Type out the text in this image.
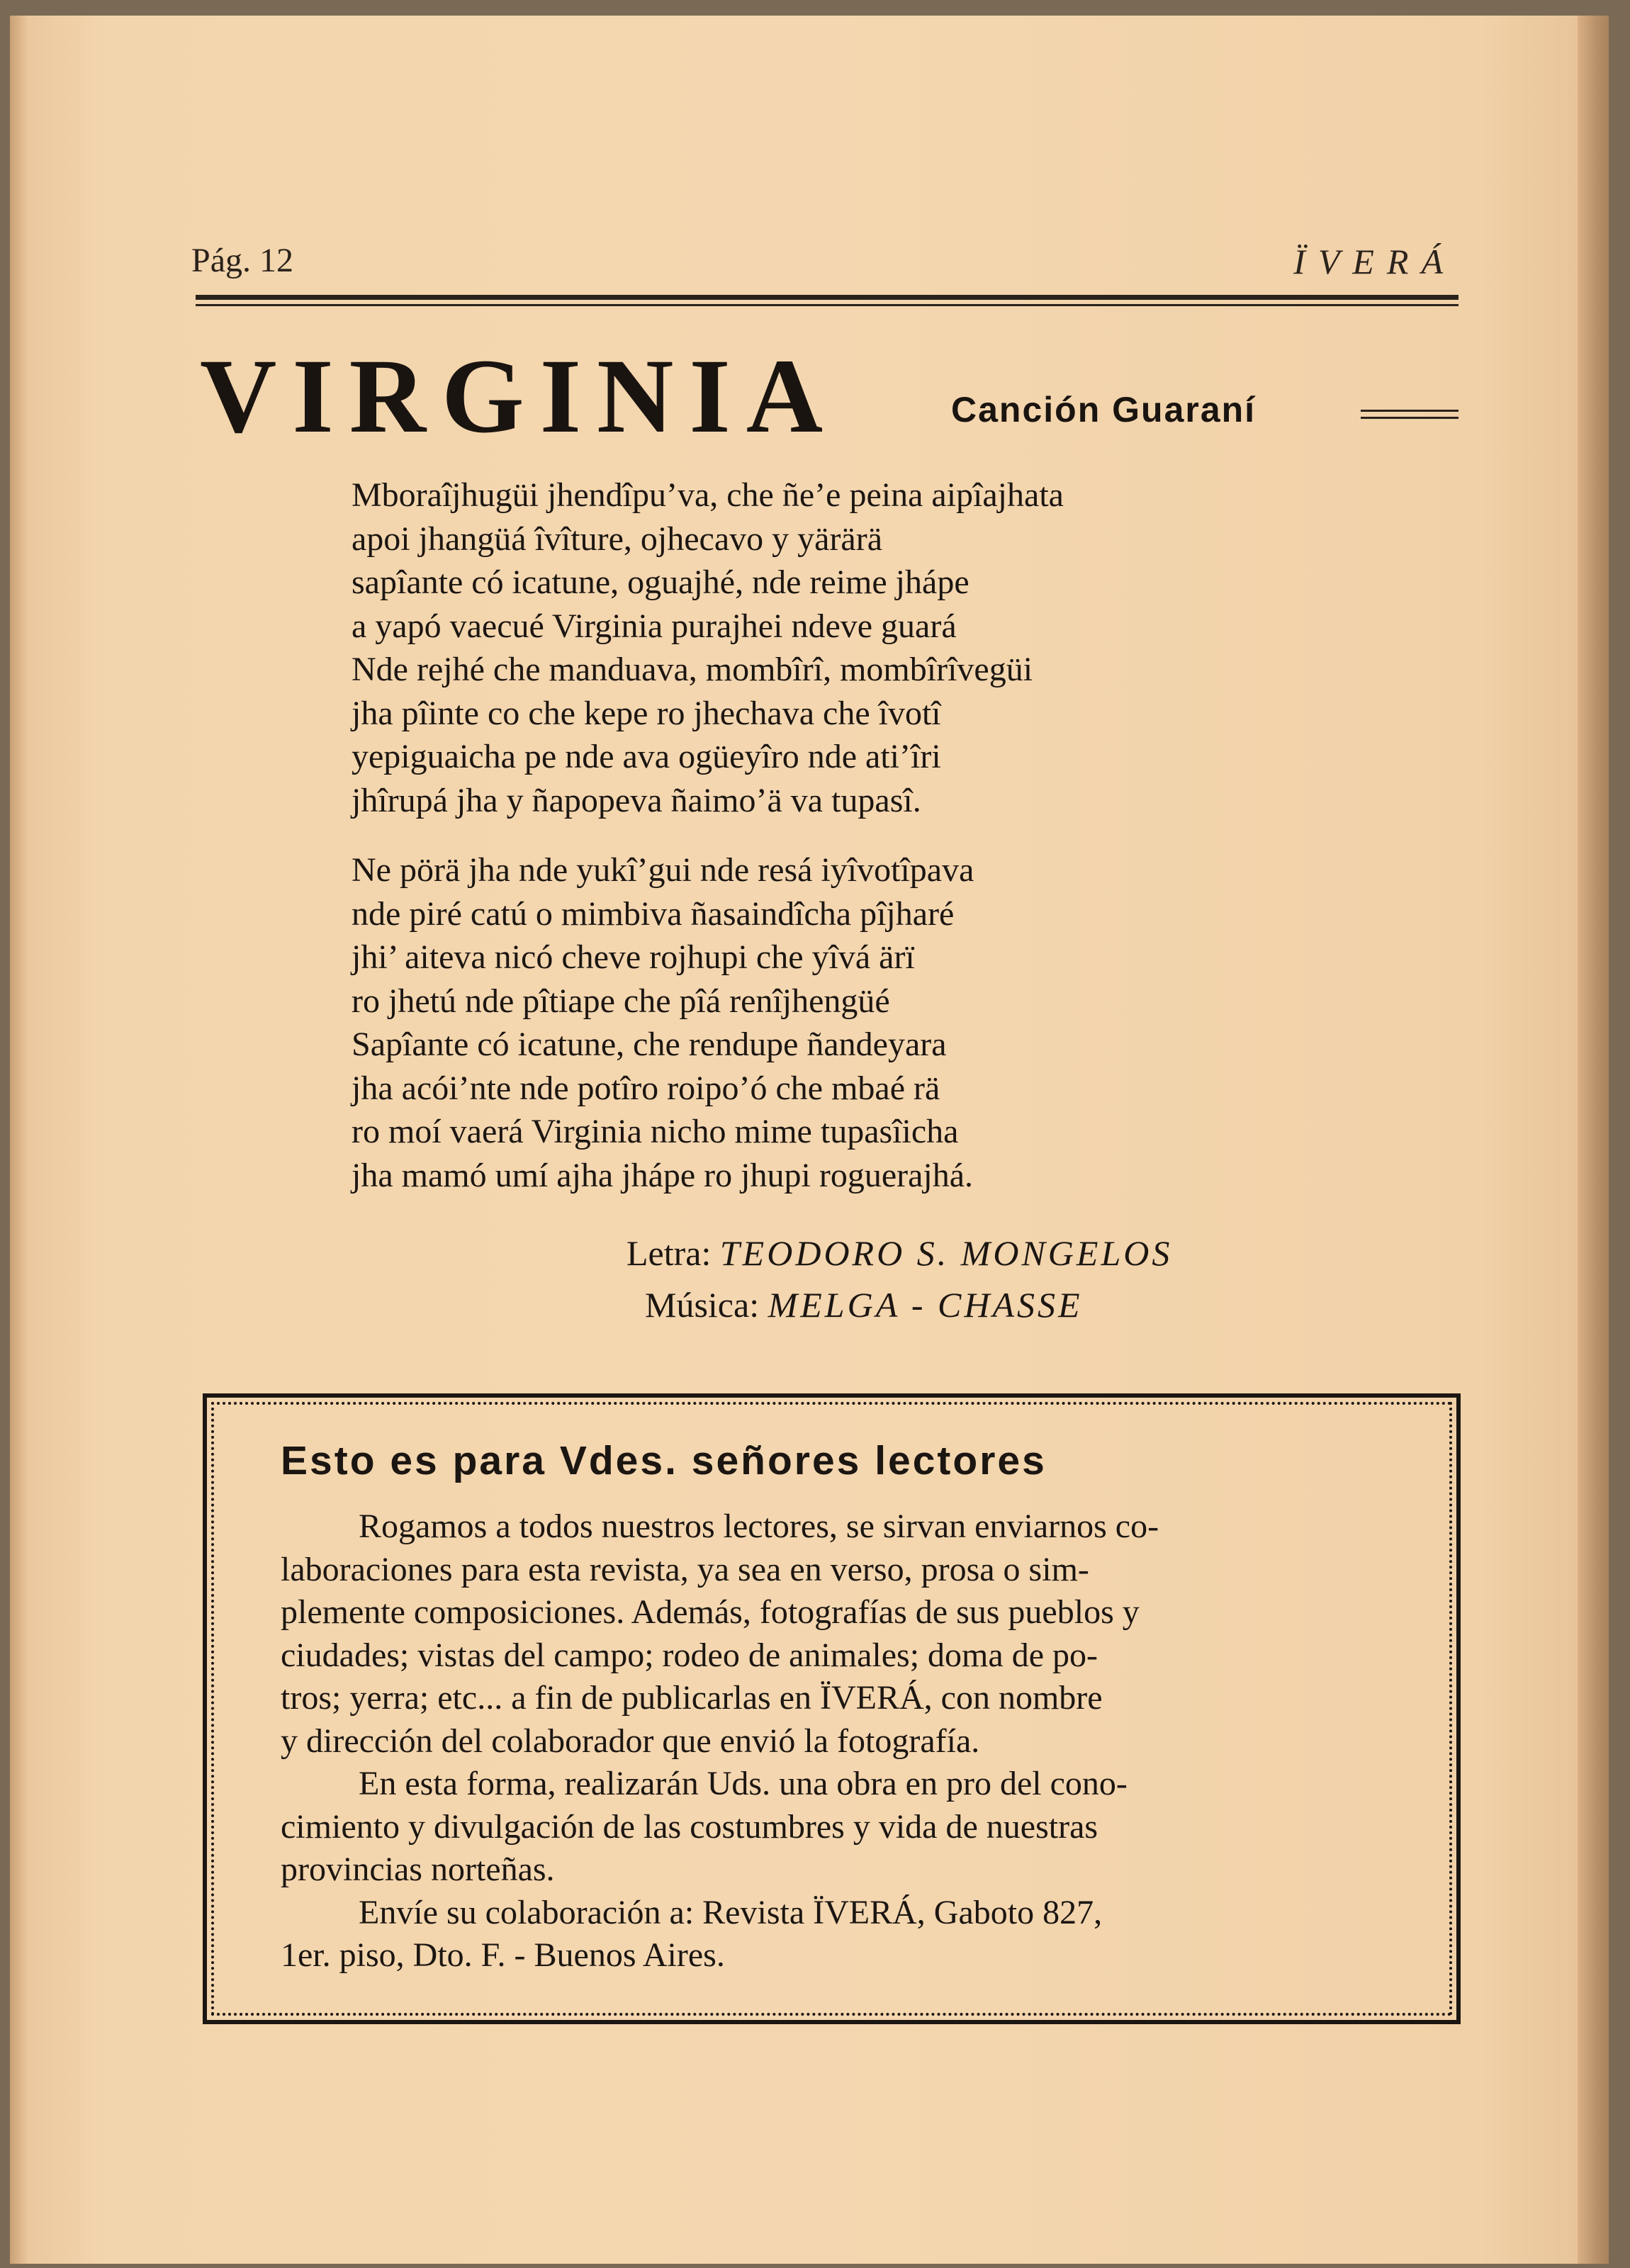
Pág. 12	ÏVERÁ
VIRGINIA	Canción Guaraní
Mboraîjhugüi jhendîpu’va, che ñe’e peina aipîajhata
apoi jhangüá îvîture, ojhecavo y yärärä
sapîante có icatune, oguajhé, nde reime jhápe
a yapó vaecué Virginia purajhei ndeve guará
Nde rejhé che manduava, mombîrî, mombîrîvegüi
jha pîinte co che kepe ro jhechava che îvotî
yepiguaicha pe nde ava ogüeyîro nde ati’îri
jhîrupá jha y ñapopeva ñaimo’ä va tupasî.
Ne pörä jha nde yukî’gui nde resá iyîvotîpava
nde piré catú o mimbiva ñasaindîcha pîjharé
jhi’ aiteva nicó cheve rojhupi che yîvá ärï
ro jhetú nde pîtiape che pîá renîjhengüé
Sapîante có icatune, che rendupe ñandeyara
jha acói’nte nde potîro roipo’ó che mbaé rä
ro moí vaerá Virginia nicho mime tupasîicha
jha mamó umí ajha jhápe ro jhupi roguerajhá.
Letra: TEODORO S. MONGELOS
Música: MELGA - CHASSE
Esto es para Vdes. señores lectores
Rogamos a todos nuestros lectores, se sirvan enviarnos co-
laboraciones para esta revista, ya sea en verso, prosa o sim-
plemente composiciones. Además, fotografías de sus pueblos y
ciudades; vistas del campo; rodeo de animales; doma de po-
tros; yerra; etc... a fin de publicarlas en ÏVERÁ, con nombre
y dirección del colaborador que envió la fotografía.
En esta forma, realizarán Uds. una obra en pro del cono-
cimiento y divulgación de las costumbres y vida de nuestras
provincias norteñas.
Envíe su colaboración a: Revista ÏVERÁ, Gaboto 827,
1er. piso, Dto. F. - Buenos Aires.
